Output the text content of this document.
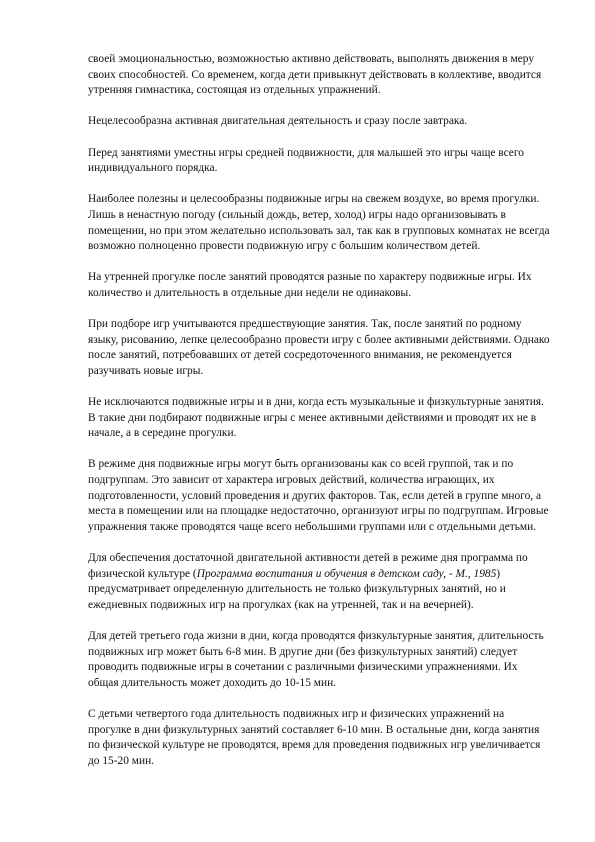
своей эмоциональностью, возможностью активно действовать, выполнять движения в меру своих способностей. Со временем, когда дети привыкнут действовать в коллективе, вводится утренняя гимнастика, состоящая из отдельных упражнений.

Нецелесообразна активная двигательная деятельность и сразу после завтрака.

Перед занятиями уместны игры средней подвижности, для малышей это игры чаще всего индивидуального порядка.

Наиболее полезны и целесообразны подвижные игры на свежем воздухе, во время прогулки. Лишь в ненастную погоду (сильный дождь, ветер, холод) игры надо организовывать в помещении, но при этом желательно использовать зал, так как в групповых комнатах не всегда возможно полноценно провести подвижную игру с большим количеством детей.

На утренней прогулке после занятий проводятся разные по характеру подвижные игры. Их количество и длительность в отдельные дни недели не одинаковы.

При подборе игр учитываются предшествующие занятия. Так, после занятий по родному языку, рисованию, лепке целесообразно провести игру с более активными действиями. Однако после занятий, потребовавших от детей сосредоточенного внимания, не рекомендуется разучивать новые игры.

Не исключаются подвижные игры и в дни, когда есть музыкальные и физкультурные занятия. В такие дни подбирают подвижные игры с менее активными действиями и проводят их не в начале, а в середине прогулки.

В режиме дня подвижные игры могут быть организованы как со всей группой, так и по подгруппам. Это зависит от характера игровых действий, количества играющих, их подготовленности, условий проведения и других факторов. Так, если детей в группе много, а места в помещении или на площадке недостаточно, организуют игры по подгруппам. Игровые упражнения также проводятся чаще всего небольшими группами или с отдельными детьми.

Для обеспечения достаточной двигательной активности детей в режиме дня программа по физической культуре (Программа воспитания и обучения в детском саду, - М., 1985) предусматривает определенную длительность не только физкультурных занятий, но и ежедневных подвижных игр на прогулках (как на утренней, так и на вечерней).

Для детей третьего года жизни в дни, когда проводятся физкультурные занятия, длительность подвижных игр может быть 6-8 мин. В другие дни (без физкультурных занятий) следует проводить подвижные игры в сочетании с различными физическими упражнениями. Их общая длительность может доходить до 10-15 мин.

С детьми четвертого года длительность подвижных игр и физических упражнений на прогулке в дни физкультурных занятий составляет 6-10 мин. В остальные дни, когда занятия по физической культуре не проводятся, время для проведения подвижных игр увеличивается до 15-20 мин.
